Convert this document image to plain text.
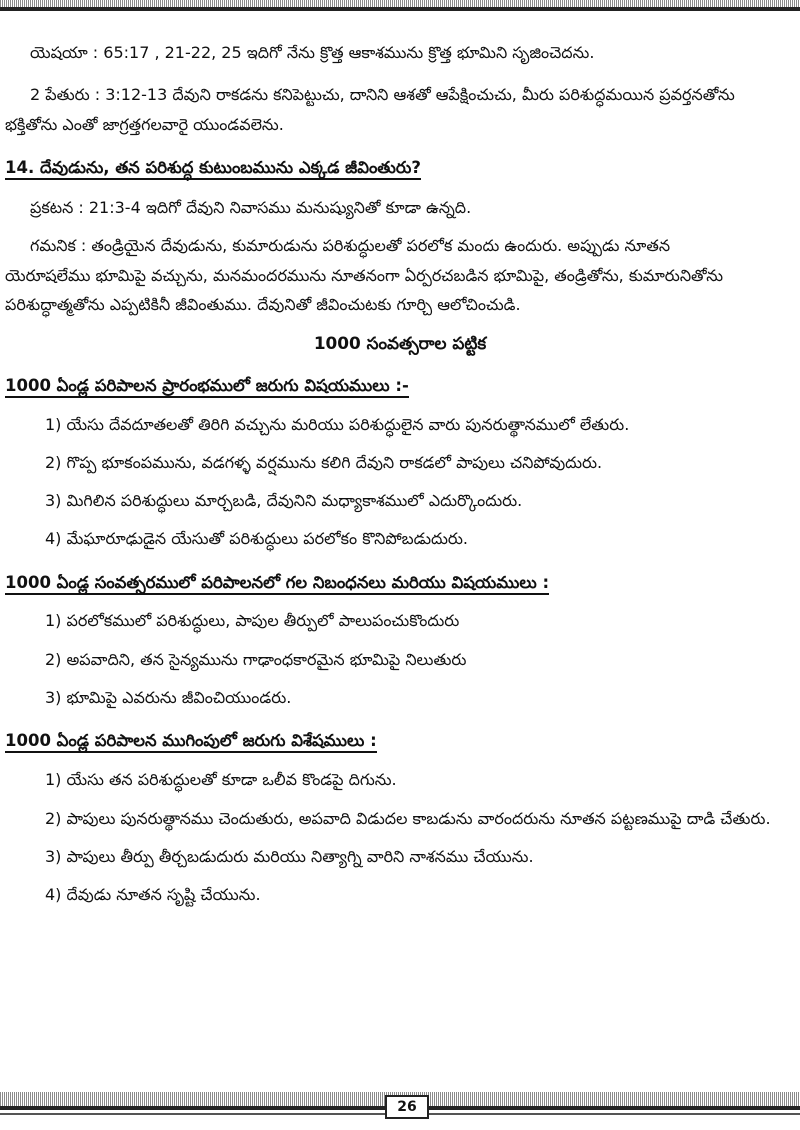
యెషయా : 65:17 , 21-22, 25 ఇదిగో నేను క్రొత్త ఆకాశమును క్రొత్త భూమిని సృజించెదను.

2 పేతురు : 3:12-13 దేవుని రాకడను కనిపెట్టుచు, దానిని ఆశతో ఆపేక్షించుచు, మీరు పరిశుద్ధమయిన ప్రవర్తనతోను

భక్తితోను ఎంతో జాగ్రత్తగలవారై యుండవలెను.

14. దేవుడును, తన పరిశుద్ధ కుటుంబమును ఎక్కడ జీవింతురు?

ప్రకటన : 21:3-4 ఇదిగో దేవుని నివాసము మనుష్యునితో కూడా ఉన్నది.

గమనిక : తండ్రియైన దేవుడును, కుమారుడును పరిశుద్ధులతో పరలోక మందు ఉందురు. అప్పుడు నూతన

యెరూషలేము భూమిపై వచ్చును, మనమందరమును నూతనంగా ఏర్పరచబడిన భూమిపై, తండ్రితోను, కుమారునితోను

పరిశుద్ధాత్మతోను ఎప్పటికినీ జీవింతుము. దేవునితో జీవించుటకు గూర్చి ఆలోచించుడి.

1000 సంవత్సరాల పట్టిక

1000 ఏండ్ల పరిపాలన ప్రారంభములో జరుగు విషయములు :-

1) యేసు దేవదూతలతో తిరిగి వచ్చును మరియు పరిశుద్ధులైన వారు పునరుత్థానములో లేతురు.

2) గొప్ప భూకంపమును, వడగళ్ళ వర్షమును కలిగి దేవుని రాకడలో పాపులు చనిపోవుదురు.

3) మిగిలిన పరిశుద్ధులు మార్చబడి, దేవునిని మధ్యాకాశములో ఎదుర్కొందురు.

4) మేఘారూఢుడైన యేసుతో పరిశుద్ధులు పరలోకం కొనిపోబడుదురు.

1000 ఏండ్ల సంవత్సరములో పరిపాలనలో గల నిబంధనలు మరియు విషయములు :

1) పరలోకములో పరిశుద్ధులు, పాపుల తీర్పులో పాలుపంచుకొందురు

2) అపవాదిని, తన సైన్యమును గాఢాంధకారమైన భూమిపై నిలుతురు

3) భూమిపై ఎవరును జీవించియుండరు.

1000 ఏండ్ల పరిపాలన ముగింపులో జరుగు విశేషములు :

1) యేసు తన పరిశుద్ధులతో కూడా ఒలీవ కొండపై దిగును.

2) పాపులు పునరుత్థానము చెందుతురు, అపవాది విడుదల కాబడును వారందరును నూతన పట్టణముపై దాడి చేతురు.

3) పాపులు తీర్పు తీర్చబడుదురు మరియు నిత్యాగ్ని వారిని నాశనము చేయును.

4) దేవుడు నూతన సృష్టి చేయును.

26
